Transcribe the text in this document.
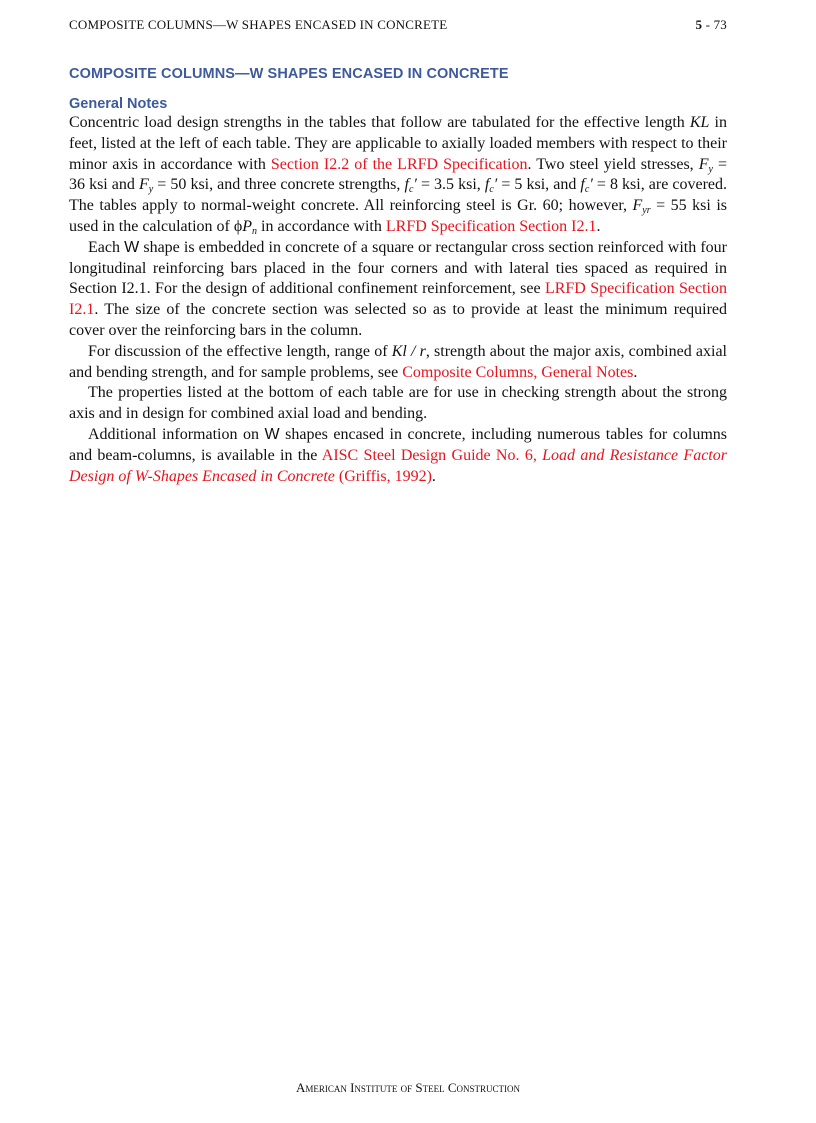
COMPOSITE COLUMNS—W SHAPES ENCASED IN CONCRETE	5 - 73
COMPOSITE COLUMNS—W SHAPES ENCASED IN CONCRETE
General Notes

Concentric load design strengths in the tables that follow are tabulated for the effective length KL in feet, listed at the left of each table. They are applicable to axially loaded members with respect to their minor axis in accordance with Section I2.2 of the LRFD Specification. Two steel yield stresses, $F_y = 36$ ksi and $F_y = 50$ ksi, and three concrete strengths, $f_c' = 3.5$ ksi, $f_c' = 5$ ksi, and $f_c' = 8$ ksi, are covered. The tables apply to normal-weight concrete. All reinforcing steel is Gr. 60; however, $F_{yr} = 55$ ksi is used in the calculation of $\phi P_n$ in accordance with LRFD Specification Section I2.1.

Each W shape is embedded in concrete of a square or rectangular cross section reinforced with four longitudinal reinforcing bars placed in the four corners and with lateral ties spaced as required in Section I2.1. For the design of additional confinement reinforcement, see LRFD Specification Section I2.1. The size of the concrete section was selected so as to provide at least the minimum required cover over the reinforcing bars in the column.

For discussion of the effective length, range of Kl / r, strength about the major axis, combined axial and bending strength, and for sample problems, see Composite Columns, General Notes.

The properties listed at the bottom of each table are for use in checking strength about the strong axis and in design for combined axial load and bending.

Additional information on W shapes encased in concrete, including numerous tables for columns and beam-columns, is available in the AISC Steel Design Guide No. 6, Load and Resistance Factor Design of W-Shapes Encased in Concrete (Griffis, 1992).

American Institute of Steel Construction
